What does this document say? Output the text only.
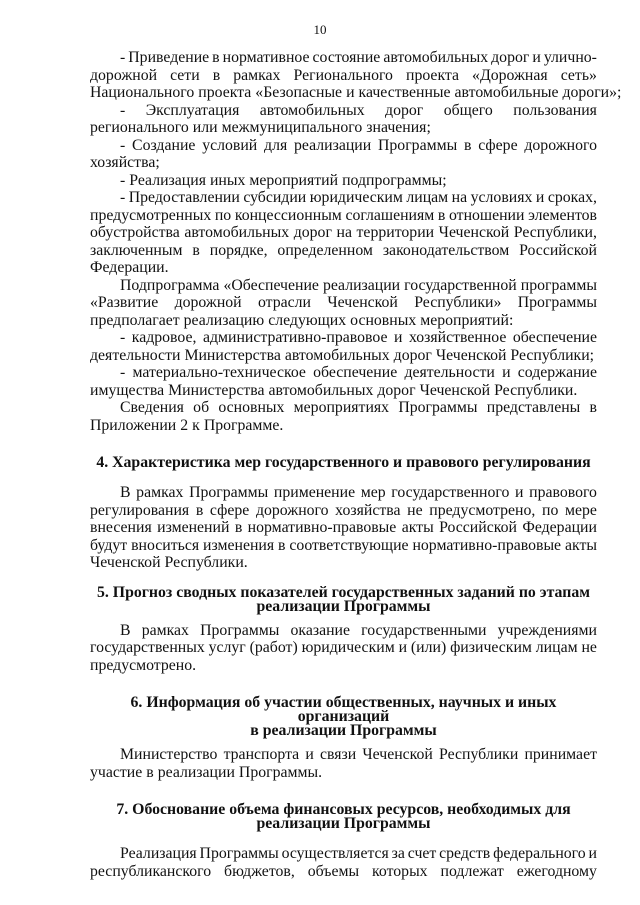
10
- Приведение в нормативное состояние автомобильных дорог и улично-
дорожной сети в рамках Регионального проекта «Дорожная сеть»
Национального проекта «Безопасные и качественные автомобильные дороги»;
- Эксплуатация автомобильных дорог общего пользования
регионального или межмуниципального значения;
- Создание условий для реализации Программы в сфере дорожного
хозяйства;
- Реализация иных мероприятий подпрограммы;
- Предоставлении субсидии юридическим лицам на условиях и сроках,
предусмотренных по концессионным соглашениям в отношении элементов
обустройства автомобильных дорог на территории Чеченской Республики,
заключенным в порядке, определенном законодательством Российской
Федерации.
Подпрограмма «Обеспечение реализации государственной программы
«Развитие дорожной отрасли Чеченской Республики» Программы
предполагает реализацию следующих основных мероприятий:
- кадровое, административно-правовое и хозяйственное обеспечение
деятельности Министерства автомобильных дорог Чеченской Республики;
- материально-техническое обеспечение деятельности и содержание
имущества Министерства автомобильных дорог Чеченской Республики.
Сведения об основных мероприятиях Программы представлены в
Приложении 2 к Программе.
4. Характеристика мер государственного и правового регулирования
В рамках Программы применение мер государственного и правового
регулирования в сфере дорожного хозяйства не предусмотрено, по мере
внесения изменений в нормативно-правовые акты Российской Федерации
будут вноситься изменения в соответствующие нормативно-правовые акты
Чеченской Республики.
5. Прогноз сводных показателей государственных заданий по этапам
реализации Программы
В рамках Программы оказание государственными учреждениями
государственных услуг (работ) юридическим и (или) физическим лицам не
предусмотрено.
6. Информация об участии общественных, научных и иных организаций
в реализации Программы
Министерство транспорта и связи Чеченской Республики принимает
участие в реализации Программы.
7. Обоснование объема финансовых ресурсов, необходимых для
реализации Программы
Реализация Программы осуществляется за счет средств федерального и
республиканского бюджетов, объемы которых подлежат ежегодному
